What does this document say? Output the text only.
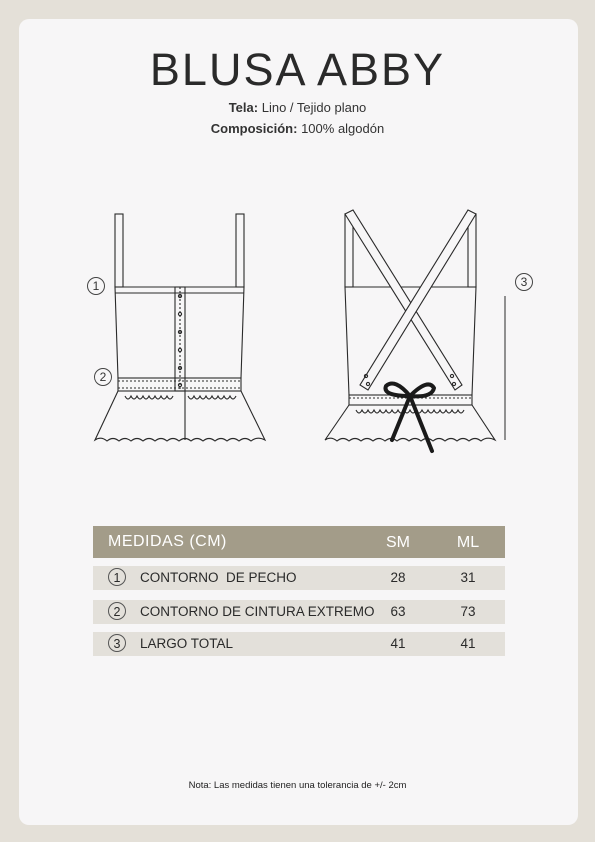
BLUSA ABBY
Tela: Lino / Tejido plano
Composición: 100% algodón
1
2
3
MEDIDAS (CM)	SM	ML
1	CONTORNO  DE PECHO	28	31
2	CONTORNO DE CINTURA EXTREMO	63	73
3	LARGO TOTAL	41	41
Nota: Las medidas tienen una tolerancia de +/- 2cm
